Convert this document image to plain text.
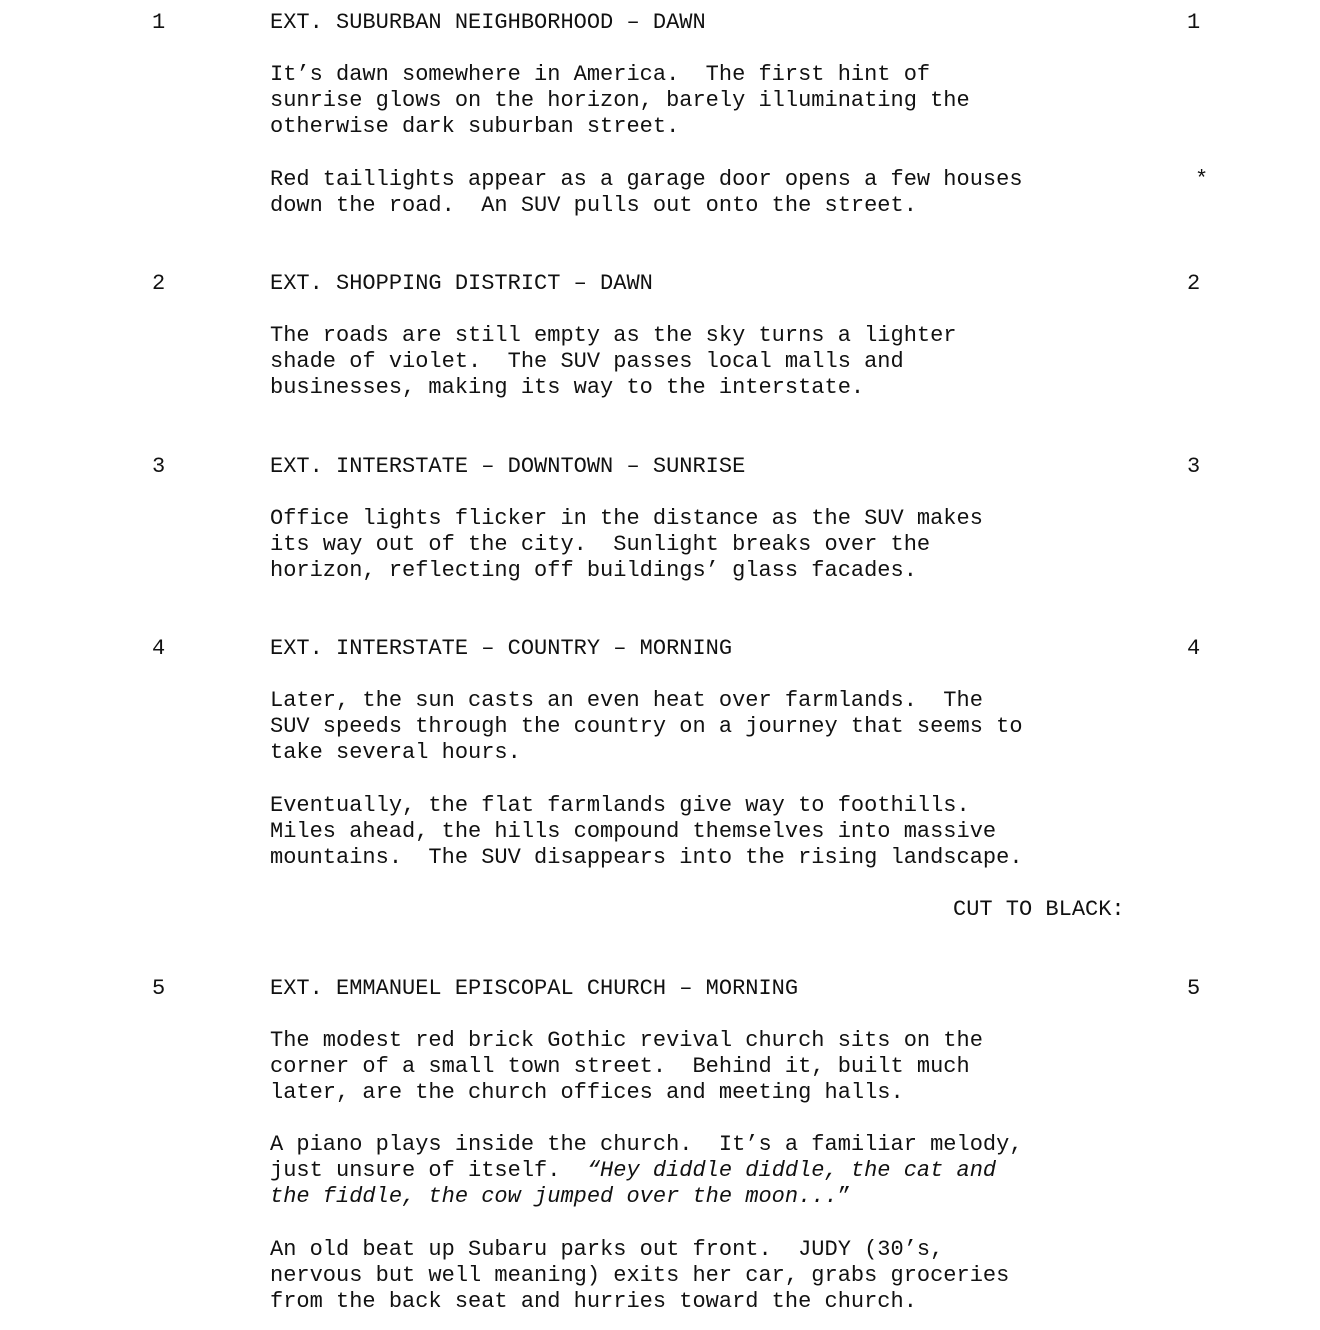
1	EXT. SUBURBAN NEIGHBORHOOD – DAWN	1
It’s dawn somewhere in America.  The first hint of
sunrise glows on the horizon, barely illuminating the
otherwise dark suburban street.
Red taillights appear as a garage door opens a few houses	*
down the road.  An SUV pulls out onto the street.
2	EXT. SHOPPING DISTRICT – DAWN	2
The roads are still empty as the sky turns a lighter
shade of violet.  The SUV passes local malls and
businesses, making its way to the interstate.
3	EXT. INTERSTATE – DOWNTOWN – SUNRISE	3
Office lights flicker in the distance as the SUV makes
its way out of the city.  Sunlight breaks over the
horizon, reflecting off buildings’ glass facades.
4	EXT. INTERSTATE – COUNTRY – MORNING	4
Later, the sun casts an even heat over farmlands.  The
SUV speeds through the country on a journey that seems to
take several hours.
Eventually, the flat farmlands give way to foothills.
Miles ahead, the hills compound themselves into massive
mountains.  The SUV disappears into the rising landscape.
CUT TO BLACK:
5	EXT. EMMANUEL EPISCOPAL CHURCH – MORNING	5
The modest red brick Gothic revival church sits on the
corner of a small town street.  Behind it, built much
later, are the church offices and meeting halls.
A piano plays inside the church.  It’s a familiar melody,
just unsure of itself.  “Hey diddle diddle, the cat and
the fiddle, the cow jumped over the moon...”
An old beat up Subaru parks out front.  JUDY (30’s,
nervous but well meaning) exits her car, grabs groceries
from the back seat and hurries toward the church.
